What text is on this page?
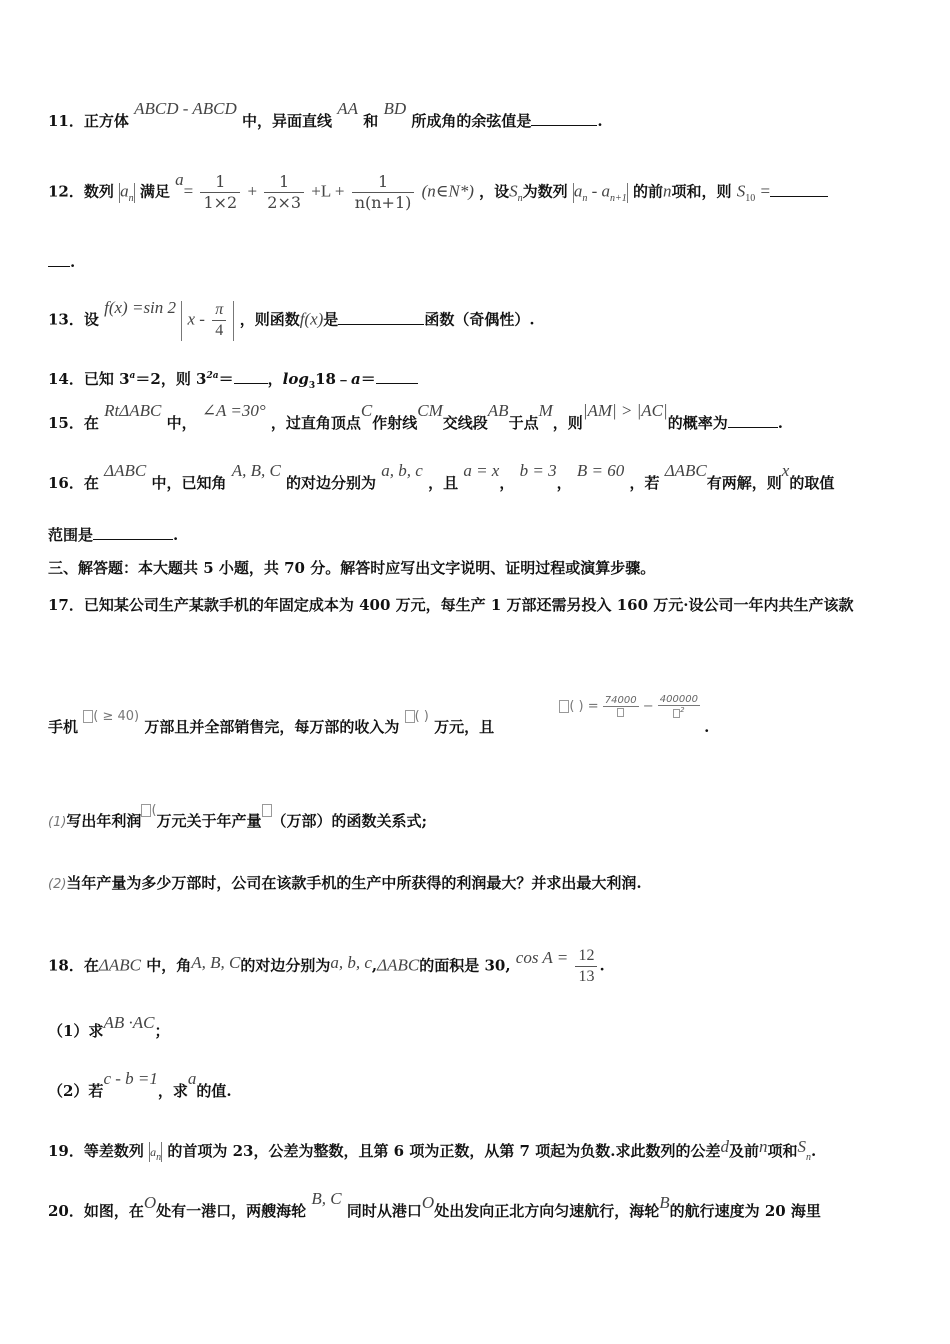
11．正方体 ABCD - ABCD 中，异面直线 AA 和 BD 所成角的余弦值是	.
12．数列 $a_n$ 满足 $a= \frac{1}{1\times 2} + \frac{1}{2\times 3} +L + \frac{1}{n(n+1)}$ (n∈N*) ，设$S_n$为数列 $a_n - a_{n+1}$ 的前n项和，则 $S_{10}$ =
.
13．设 f(x) =sin 2  x - $\frac{\pi}{4}$ ，则函数f(x)是	函数（奇偶性）.
14．已知 $3^a=2$，则 $3^{2a}=$ ，$\log_318﹣a=$
15．在 RtΔABC 中， ∠A =30° ，过直角顶点C作射线CM交线段AB于点M，则|AM| > |AC|的概率为	.
16．在 ΔABC 中，已知角 A, B, C 的对边分别为 a, b, c ，且 a = x， b = 3， B = 60 ，若 ΔABC有两解，则x的取值
范围是	.
三、解答题：本大题共 5 小题，共 70 分。解答时应写出文字说明、证明过程或演算步骤。
17．已知某公司生产某款手机的年固定成本为 400 万元，每生产 1 万部还需另投入 160 万元·设公司一年内共生产该款
手机 ( ≥ 40) 万部且并全部销售完，每万部的收入为 ( ) 万元，且 ( ) = $74000 - \frac{400000}{^2}$
.
(1)写出年利润(万元关于年产量 （万部）的函数关系式;
(2)当年产量为多少万部时，公司在该款手机的生产中所获得的利润最大？并求出最大利润.
18．在ΔABC 中，角A, B, C的对边分别为a, b, c,ΔABC的面积是 30, $\cos A = \frac{12}{13}$ .
（1）求AB ·AC；
（2）若c - b =1，求a的值.
19．等差数列 $a_n$ 的首项为 23，公差为整数，且第 6 项为正数，从第 7 项起为负数.求此数列的公差d及前n项和$S_n$.
20．如图，在O处有一港口，两艘海轮 B, C 同时从港口O处出发向正北方向匀速航行，海轮B的航行速度为 20 海里
